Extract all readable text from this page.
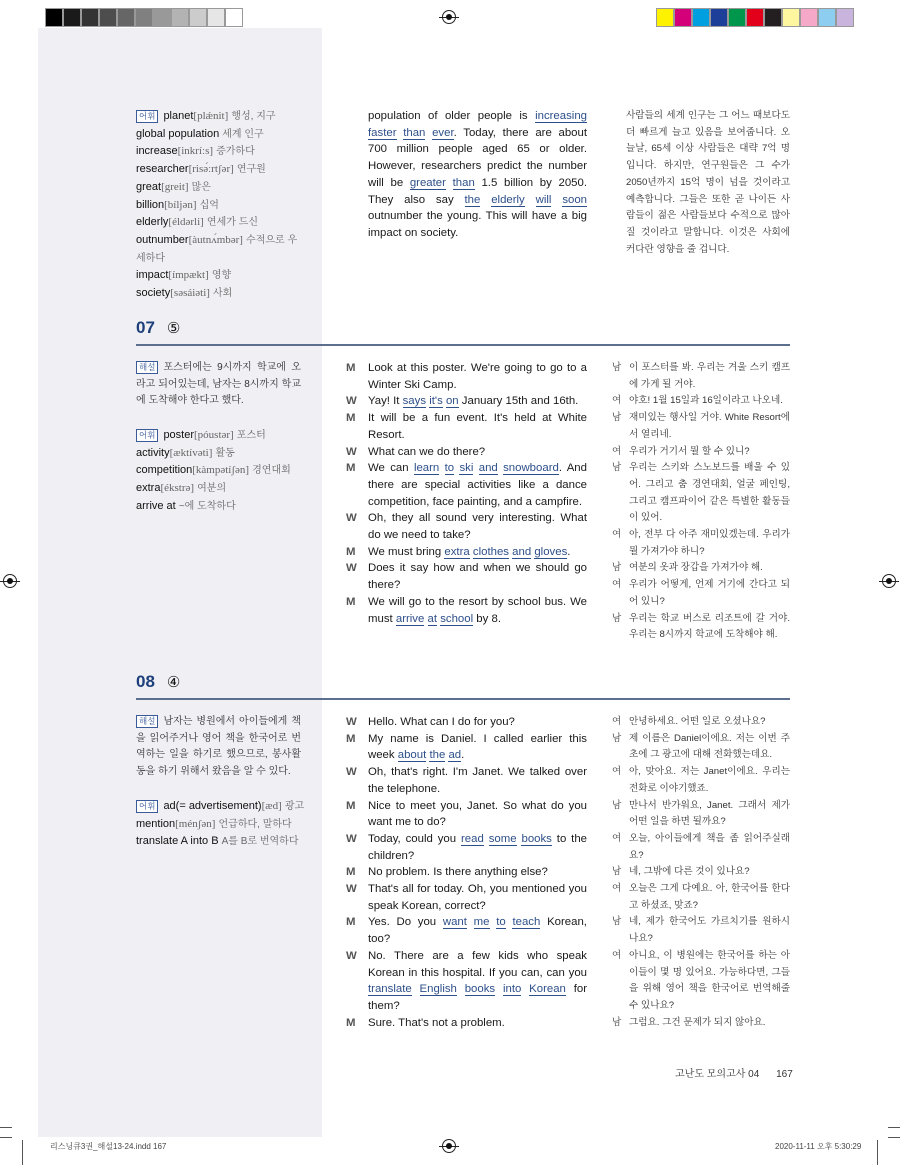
어휘 planet[plǽnit] 행성, 지구
global population 세계 인구
increase[inkríːs] 증가하다
researcher[risə́ːrtʃər] 연구원
great[greit] 많은
billion[bíljən] 십억
elderly[éldərli] 연세가 드신
outnumber[àutnʌ́mbər] 수적으로 우세하다
impact[ímpækt] 영향
society[səsáiəti] 사회
population of older people is increasing faster than ever. Today, there are about 700 million people aged 65 or older. However, researchers predict the number will be greater than 1.5 billion by 2050. They also say the elderly will soon outnumber the young. This will have a big impact on society.
사람들의 세계 인구는 그 어느 때보다도 더 빠르게 늘고 있음을 보여줍니다. 오늘날, 65세 이상 사람들은 대략 7억 명입니다. 하지만, 연구원들은 그 수가 2050년까지 15억 명이 넘을 것이라고 예측합니다. 그들은 또한 곧 나이든 사람들이 젊은 사람들보다 수적으로 많아질 것이라고 말합니다. 이것은 사회에 커다란 영향을 줄 겁니다.
07 ⑤
해설 포스터에는 9시까지 학교에 오라고 되어있는데, 남자는 8시까지 학교에 도착해야 한다고 했다.
어휘 poster[póustər] 포스터
activity[æktívəti] 활동
competition[kàmpətíʃən] 경연대회
extra[ékstrə] 여분의
arrive at ~에 도착하다
M	Look at this poster. We're going to go to a Winter Ski Camp.
W Yay! It says it's on January 15th and 16th.
M	It will be a fun event. It's held at White Resort.
W What can we do there?
M	We can learn to ski and snowboard. And there are special activities like a dance competition, face painting, and a campfire.
W Oh, they all sound very interesting. What do we need to take?
M	We must bring extra clothes and gloves.
W Does it say how and when we should go there?
M	We will go to the resort by school bus. We must arrive at school by 8.
남 이 포스터를 봐. 우리는 겨울 스키 캠프에 가게 될 거야.
여 야호! 1월 15일과 16일이라고 나오네.
남 재미있는 행사일 거야. White Resort에서 열리네.
여 우리가 거기서 뭘 할 수 있니?
남 우리는 스키와 스노보드를 배울 수 있어. 그리고 춤 경연대회, 얼굴 페인팅, 그리고 캠프파이어 같은 특별한 활동들이 있어.
여 아, 전부 다 아주 재미있겠는데. 우리가 뭘 가져가야 하니?
남 여분의 옷과 장갑을 가져가야 해.
여 우리가 어떻게, 언제 거기에 간다고 되어 있니?
남 우리는 학교 버스로 리조트에 갈 거야. 우리는 8시까지 학교에 도착해야 해.
08 ④
해설 남자는 병원에서 아이들에게 책을 읽어주거나 영어 책을 한국어로 번역하는 일을 하기로 했으므로, 봉사활동을 하기 위해서 왔음을 알 수 있다.
어휘 ad(= advertisement)[æd] 광고
mention[ménʃən] 언급하다, 말하다
translate A into B A를 B로 번역하다
W Hello. What can I do for you?
M	My name is Daniel. I called earlier this week about the ad.
W Oh, that's right. I'm Janet. We talked over the telephone.
M	Nice to meet you, Janet. So what do you want me to do?
W Today, could you read some books to the children?
M	No problem. Is there anything else?
W That's all for today. Oh, you mentioned you speak Korean, correct?
M	Yes. Do you want me to teach Korean, too?
W No. There are a few kids who speak Korean in this hospital. If you can, can you translate English books into Korean for them?
M	Sure. That's not a problem.
여 안녕하세요. 어떤 일로 오셨나요?
남 제 이름은 Daniel이에요. 저는 이번 주 초에 그 광고에 대해 전화했는데요.
여 아, 맞아요. 저는 Janet이에요. 우리는 전화로 이야기했죠.
남 만나서 반가워요, Janet. 그래서 제가 어떤 일을 하면 될까요?
여 오늘, 아이들에게 책을 좀 읽어주실래요?
남 네, 그밖에 다른 것이 있나요?
여 오늘은 그게 다예요. 아, 한국어를 한다고 하셨죠, 맞죠?
남 네, 제가 한국어도 가르치기를 원하시나요?
여 아니요, 이 병원에는 한국어를 하는 아이들이 몇 명 있어요. 가능하다면, 그들을 위해 영어 책을 한국어로 번역해줄 수 있나요?
남 그럼요. 그건 문제가 되지 않아요.
고난도 모의고사 04 167
리스닝큐3권_해설13-24.indd 167	2020-11-11 오후 5:30:29
